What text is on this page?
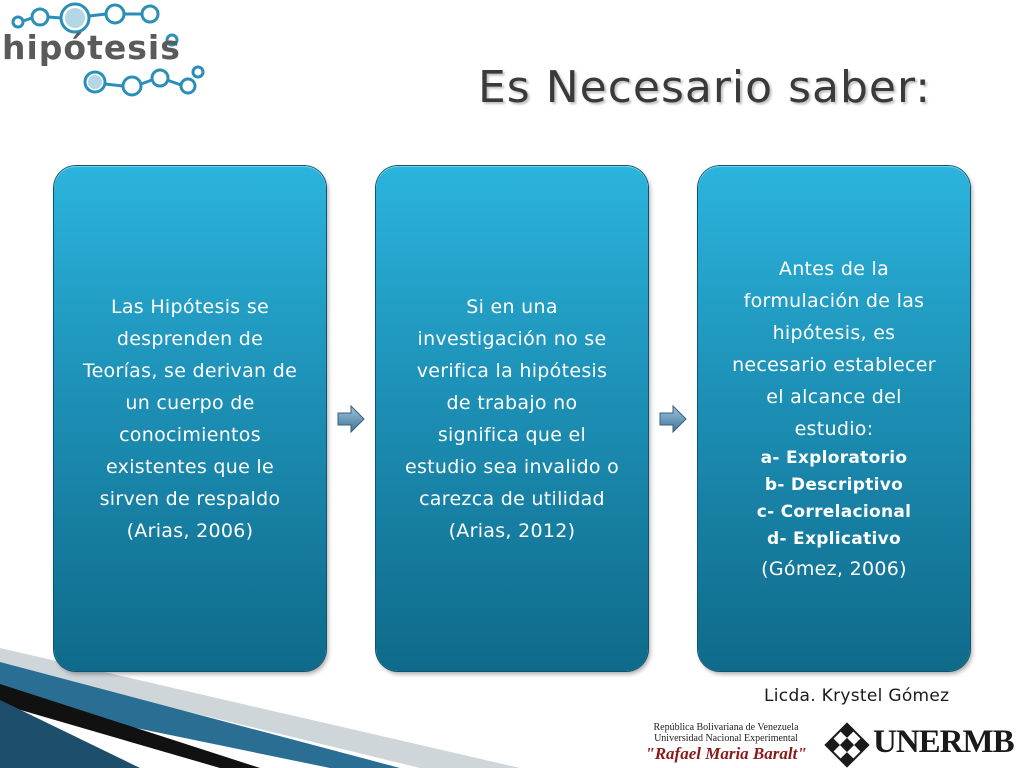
hipótesis
Es Necesario saber:
Las Hipótesis se
desprenden de
Teorías, se derivan de
un cuerpo de
conocimientos
existentes que le
sirven de respaldo
(Arias, 2006)
Si en una
investigación no se
verifica la hipótesis
de trabajo no
significa que el
estudio sea invalido o
carezca de utilidad
(Arias, 2012)
Antes de la
formulación de las
hipótesis, es
necesario establecer
el alcance del
estudio:
a- Exploratorio
b- Descriptivo
c- Correlacional
d- Explicativo
(Gómez, 2006)
Licda. Krystel Gómez
República Bolivariana de Venezuela
Universidad Nacional Experimental
"Rafael Maria Baralt"	UNERMB
